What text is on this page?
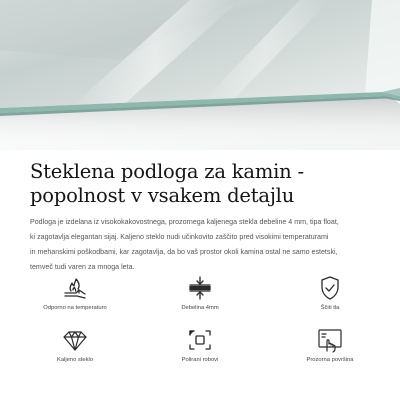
Steklena podloga za kamin -
popolnost v vsakem detajlu
Podloga je izdelana iz visokokakovostnega, prozornega kaljenega stekla debeline 4 mm, tipa float,
ki zagotavlja elegantan sijaj. Kaljeno steklo nudi učinkovito zaščito pred visokimi temperaturami
in mehanskimi poškodbami, kar zagotavlja, da bo vaš prostor okoli kamina ostal ne samo estetski,
temveč tudi varen za mnoga leta.
Odporno na temperaturo	Debelina 4mm	Ščiti tla
Kaljeno steklo	Polirani robovi	Prozorna površina
